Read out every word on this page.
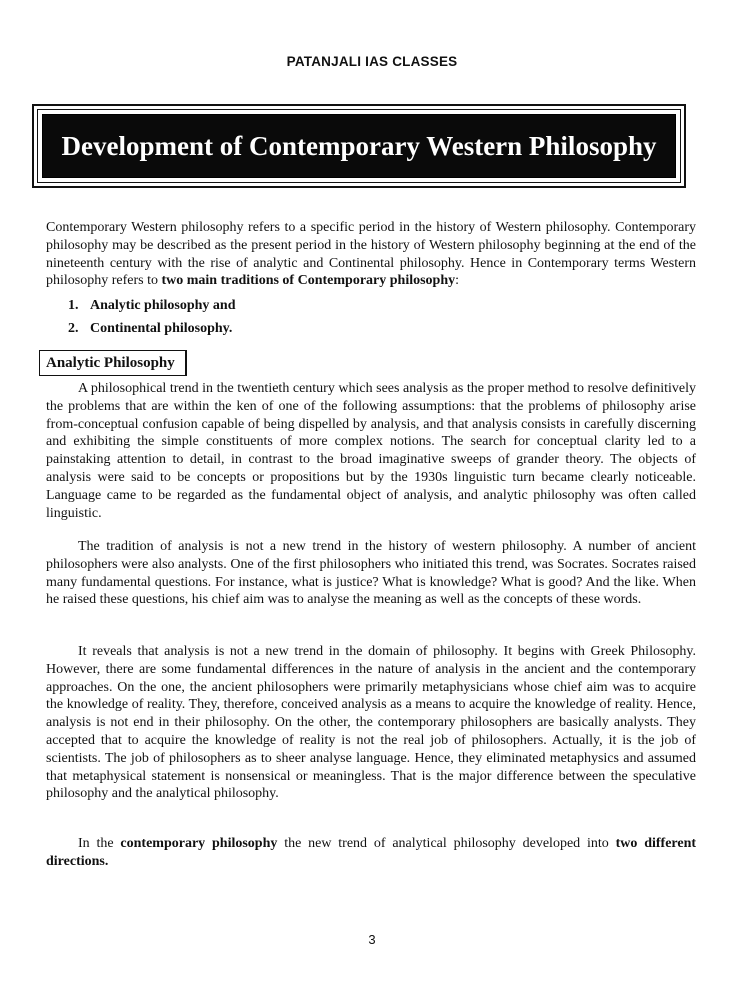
PATANJALI IAS CLASSES
Development of Contemporary Western Philosophy

Contemporary Western philosophy refers to a specific period in the history of Western philosophy. Contemporary philosophy may be described as the present period in the history of Western philosophy beginning at the end of the nineteenth century with the rise of analytic and Continental philosophy. Hence in Contemporary terms Western philosophy refers to two main traditions of Contemporary philosophy:

1. Analytic philosophy and
2. Continental philosophy.
Analytic Philosophy

A philosophical trend in the twentieth century which sees analysis as the proper method to resolve definitively the problems that are within the ken of one of the following assumptions: that the problems of philosophy arise from-conceptual confusion capable of being dispelled by analysis, and that analysis consists in carefully discerning and exhibiting the simple constituents of more complex notions. The search for conceptual clarity led to a painstaking attention to detail, in contrast to the broad imaginative sweeps of grander theory. The objects of analysis were said to be concepts or propositions but by the 1930s linguistic turn became clearly noticeable. Language came to be regarded as the fundamental object of analysis, and analytic philosophy was often called linguistic.

The tradition of analysis is not a new trend in the history of western philosophy. A number of ancient philosophers were also analysts. One of the first philosophers who initiated this trend, was Socrates. Socrates raised many fundamental questions. For instance, what is justice? What is knowledge? What is good? And the like. When he raised these questions, his chief aim was to analyse the meaning as well as the concepts of these words.

It reveals that analysis is not a new trend in the domain of philosophy. It begins with Greek Philosophy. However, there are some fundamental differences in the nature of analysis in the ancient and the contemporary approaches. On the one, the ancient philosophers were primarily metaphysicians whose chief aim was to acquire the knowledge of reality. They, therefore, conceived analysis as a means to acquire the knowledge of reality. Hence, analysis is not end in their philosophy. On the other, the contemporary philosophers are basically analysts. They accepted that to acquire the knowledge of reality is not the real job of philosophers. Actually, it is the job of scientists. The job of philosophers as to sheer analyse language. Hence, they eliminated metaphysics and assumed that metaphysical statement is nonsensical or meaningless. That is the major difference between the speculative philosophy and the analytical philosophy.

In the contemporary philosophy the new trend of analytical philosophy developed into two different directions.

3
